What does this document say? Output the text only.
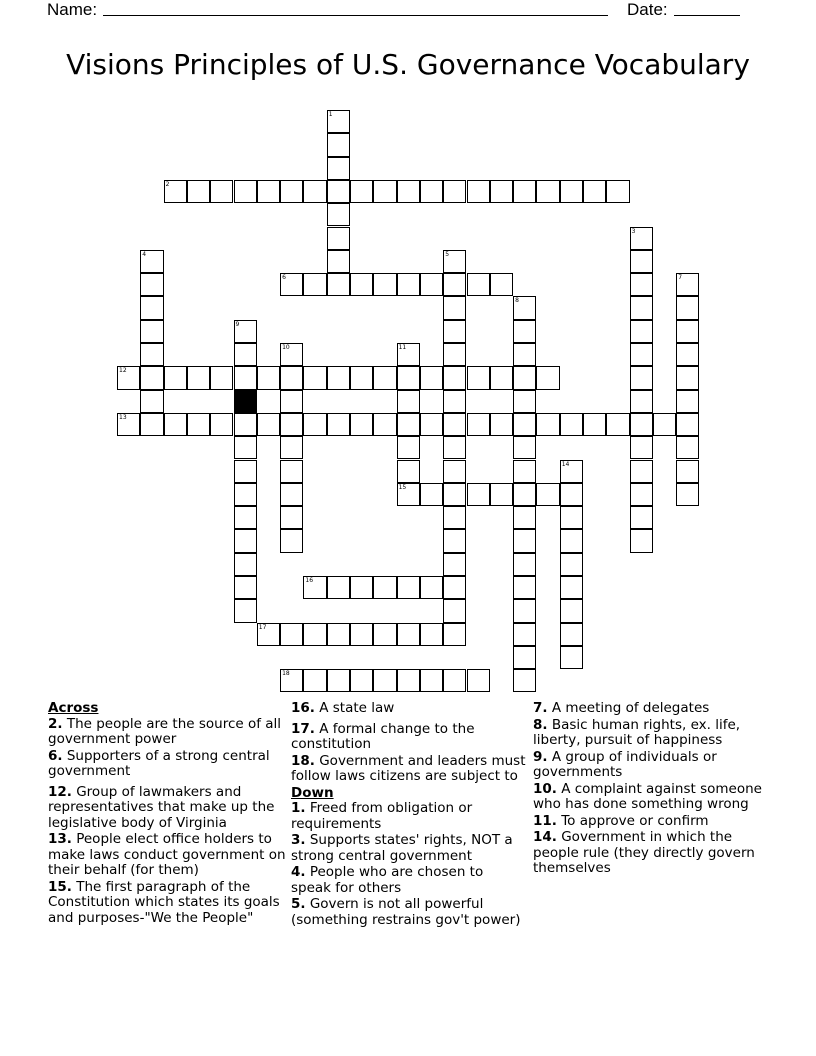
Name:	Date:
Visions Principles of U.S. Governance Vocabulary
1
2
3
4	5
6	7
8
9
10	11
12
13
14
15
16
17
18
Across
2. The people are the source of all government power
6. Supporters of a strong central government
12. Group of lawmakers and representatives that make up the legislative body of Virginia
13. People elect office holders to make laws conduct government on their behalf (for them)
15. The first paragraph of the Constitution which states its goals and purposes-"We the People"
16. A state law
17. A formal change to the constitution
18. Government and leaders must follow laws citizens are subject to
Down
1. Freed from obligation or requirements
3. Supports states' rights, NOT a strong central government
4. People who are chosen to speak for others
5. Govern is not all powerful (something restrains gov't power)
7. A meeting of delegates
8. Basic human rights, ex. life, liberty, pursuit of happiness
9. A group of individuals or governments
10. A complaint against someone who has done something wrong
11. To approve or confirm
14. Government in which the people rule (they directly govern themselves
